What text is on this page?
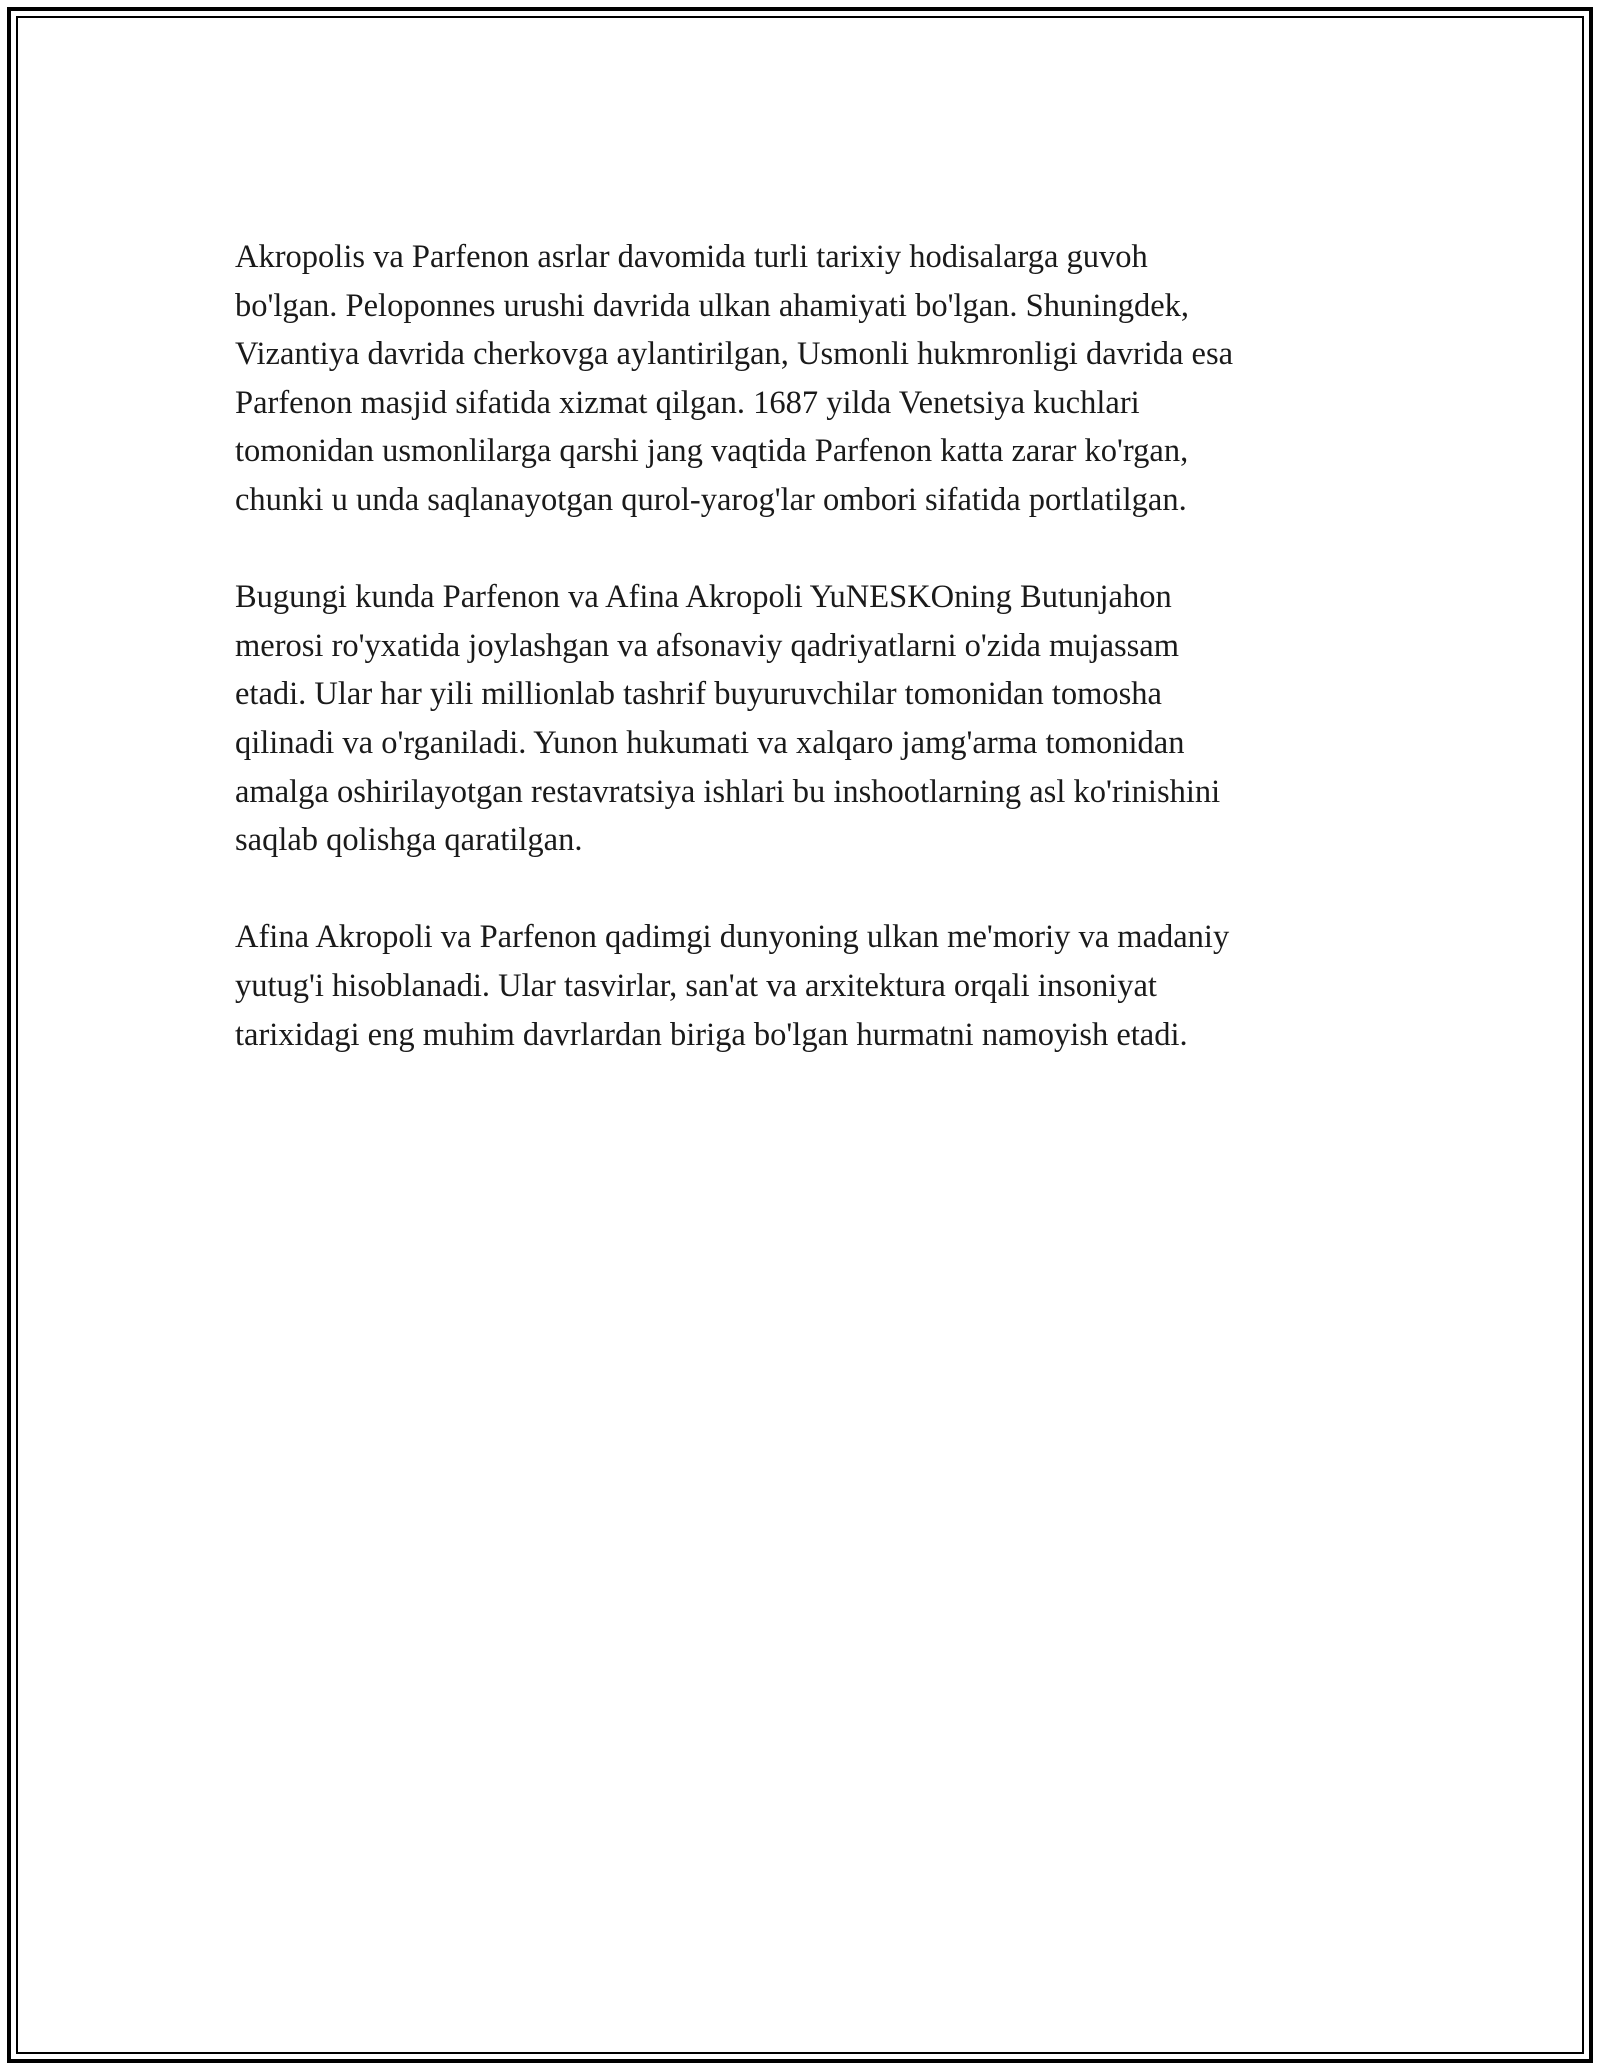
Akropolis va Parfenon asrlar davomida turli tarixiy hodisalarga guvoh
bo'lgan. Peloponnes urushi davrida ulkan ahamiyati bo'lgan. Shuningdek,
Vizantiya davrida cherkovga aylantirilgan, Usmonli hukmronligi davrida esa
Parfenon masjid sifatida xizmat qilgan. 1687 yilda Venetsiya kuchlari
tomonidan usmonlilarga qarshi jang vaqtida Parfenon katta zarar ko'rgan,
chunki u unda saqlanayotgan qurol-yarog'lar ombori sifatida portlatilgan.

Bugungi kunda Parfenon va Afina Akropoli YuNESKOning Butunjahon
merosi ro'yxatida joylashgan va afsonaviy qadriyatlarni o'zida mujassam
etadi. Ular har yili millionlab tashrif buyuruvchilar tomonidan tomosha
qilinadi va o'rganiladi. Yunon hukumati va xalqaro jamg'arma tomonidan
amalga oshirilayotgan restavratsiya ishlari bu inshootlarning asl ko'rinishini
saqlab qolishga qaratilgan.

Afina Akropoli va Parfenon qadimgi dunyoning ulkan me'moriy va madaniy
yutug'i hisoblanadi. Ular tasvirlar, san'at va arxitektura orqali insoniyat
tarixidagi eng muhim davrlardan biriga bo'lgan hurmatni namoyish etadi.
